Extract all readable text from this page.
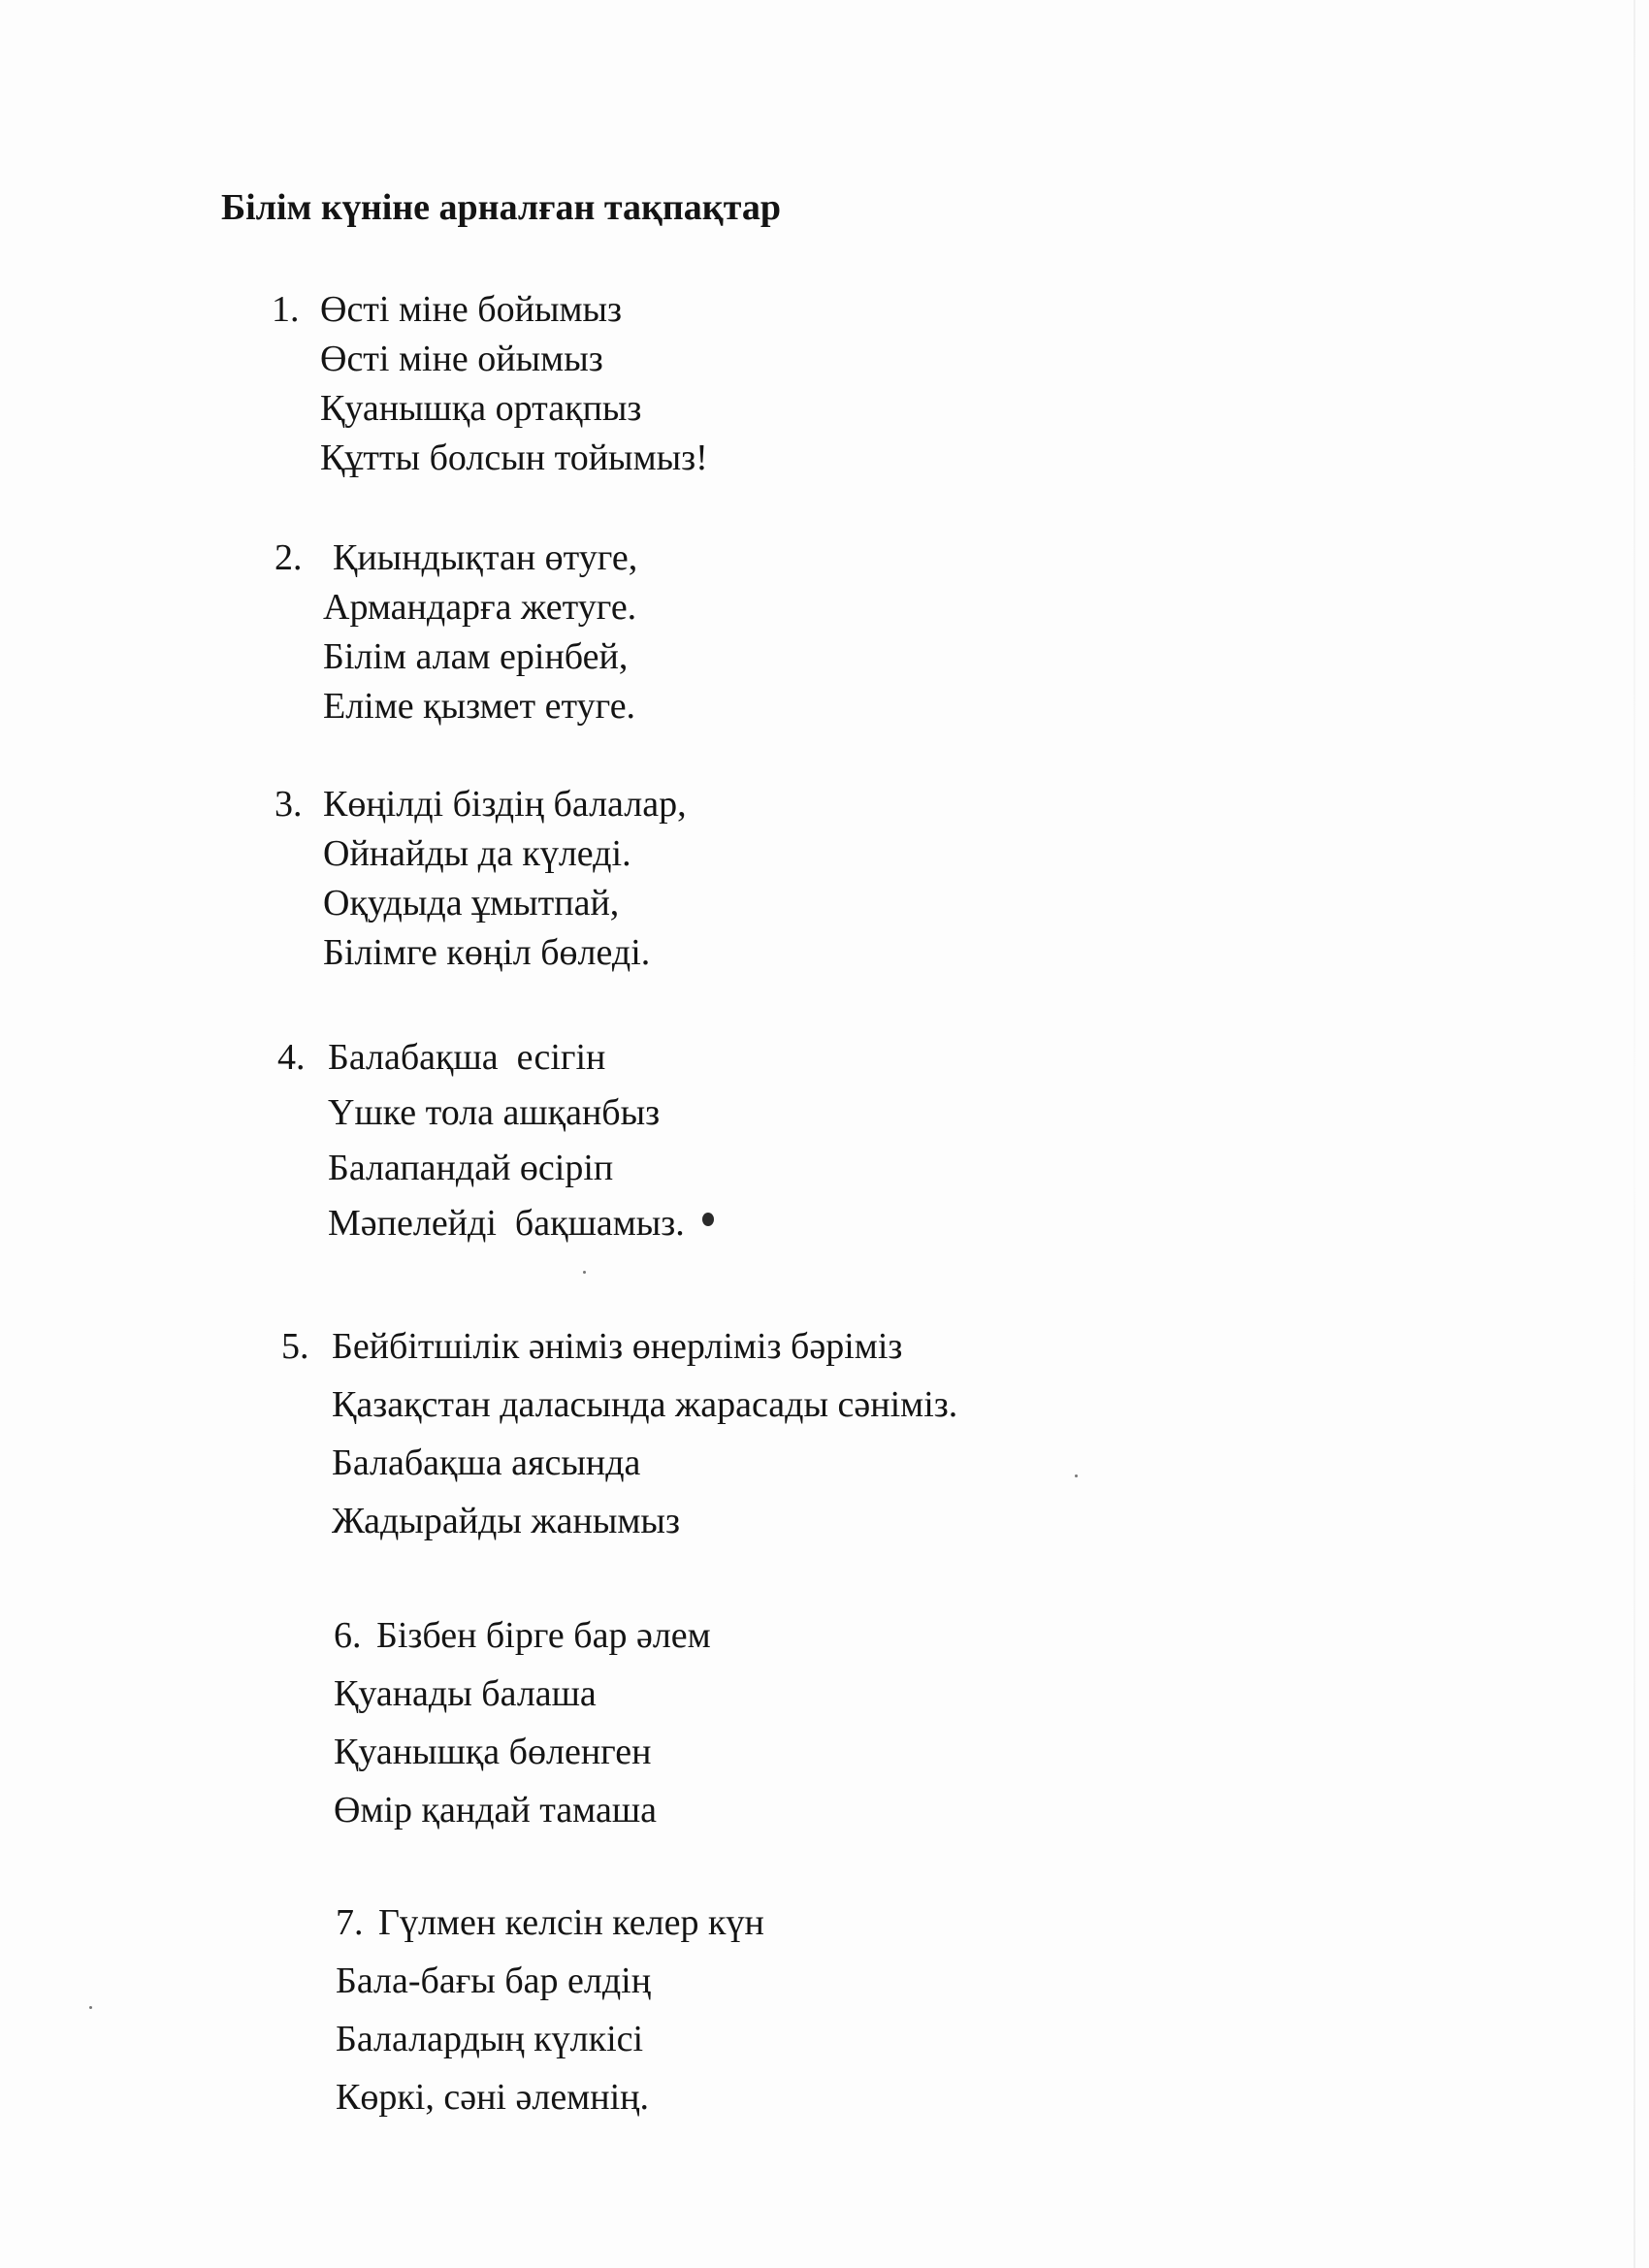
Білім күніне арналған тақпақтар
1. Өсті міне бойымыз
Өсті міне ойымыз
Қуанышқа ортақпыз
Құтты болсын тойымыз!
2. Қиындықтан өтуге,
Армандарға жетуге.
Білім алам ерінбей,
Еліме қызмет етуге.
3. Көңілді біздің балалар,
Ойнайды да күледі.
Оқудыда ұмытпай,
Білімге көңіл бөледі.
4. Балабақша  есігін
Үшке тола ашқанбыз
Балапандай өсіріп
Мәпелейді  бақшамыз.
5. Бейбітшілік әніміз өнерліміз бәріміз
Қазақстан даласында жарасады сәніміз.
Балабақша аясында
Жадырайды жанымыз
6. Бізбен бірге бар әлем
Қуанады балаша
Қуанышқа бөленген
Өмір қандай тамаша
7. Гүлмен келсін келер күн
Бала-бағы бар елдің
Балалардың күлкісі
Көркі, сәні әлемнің.
